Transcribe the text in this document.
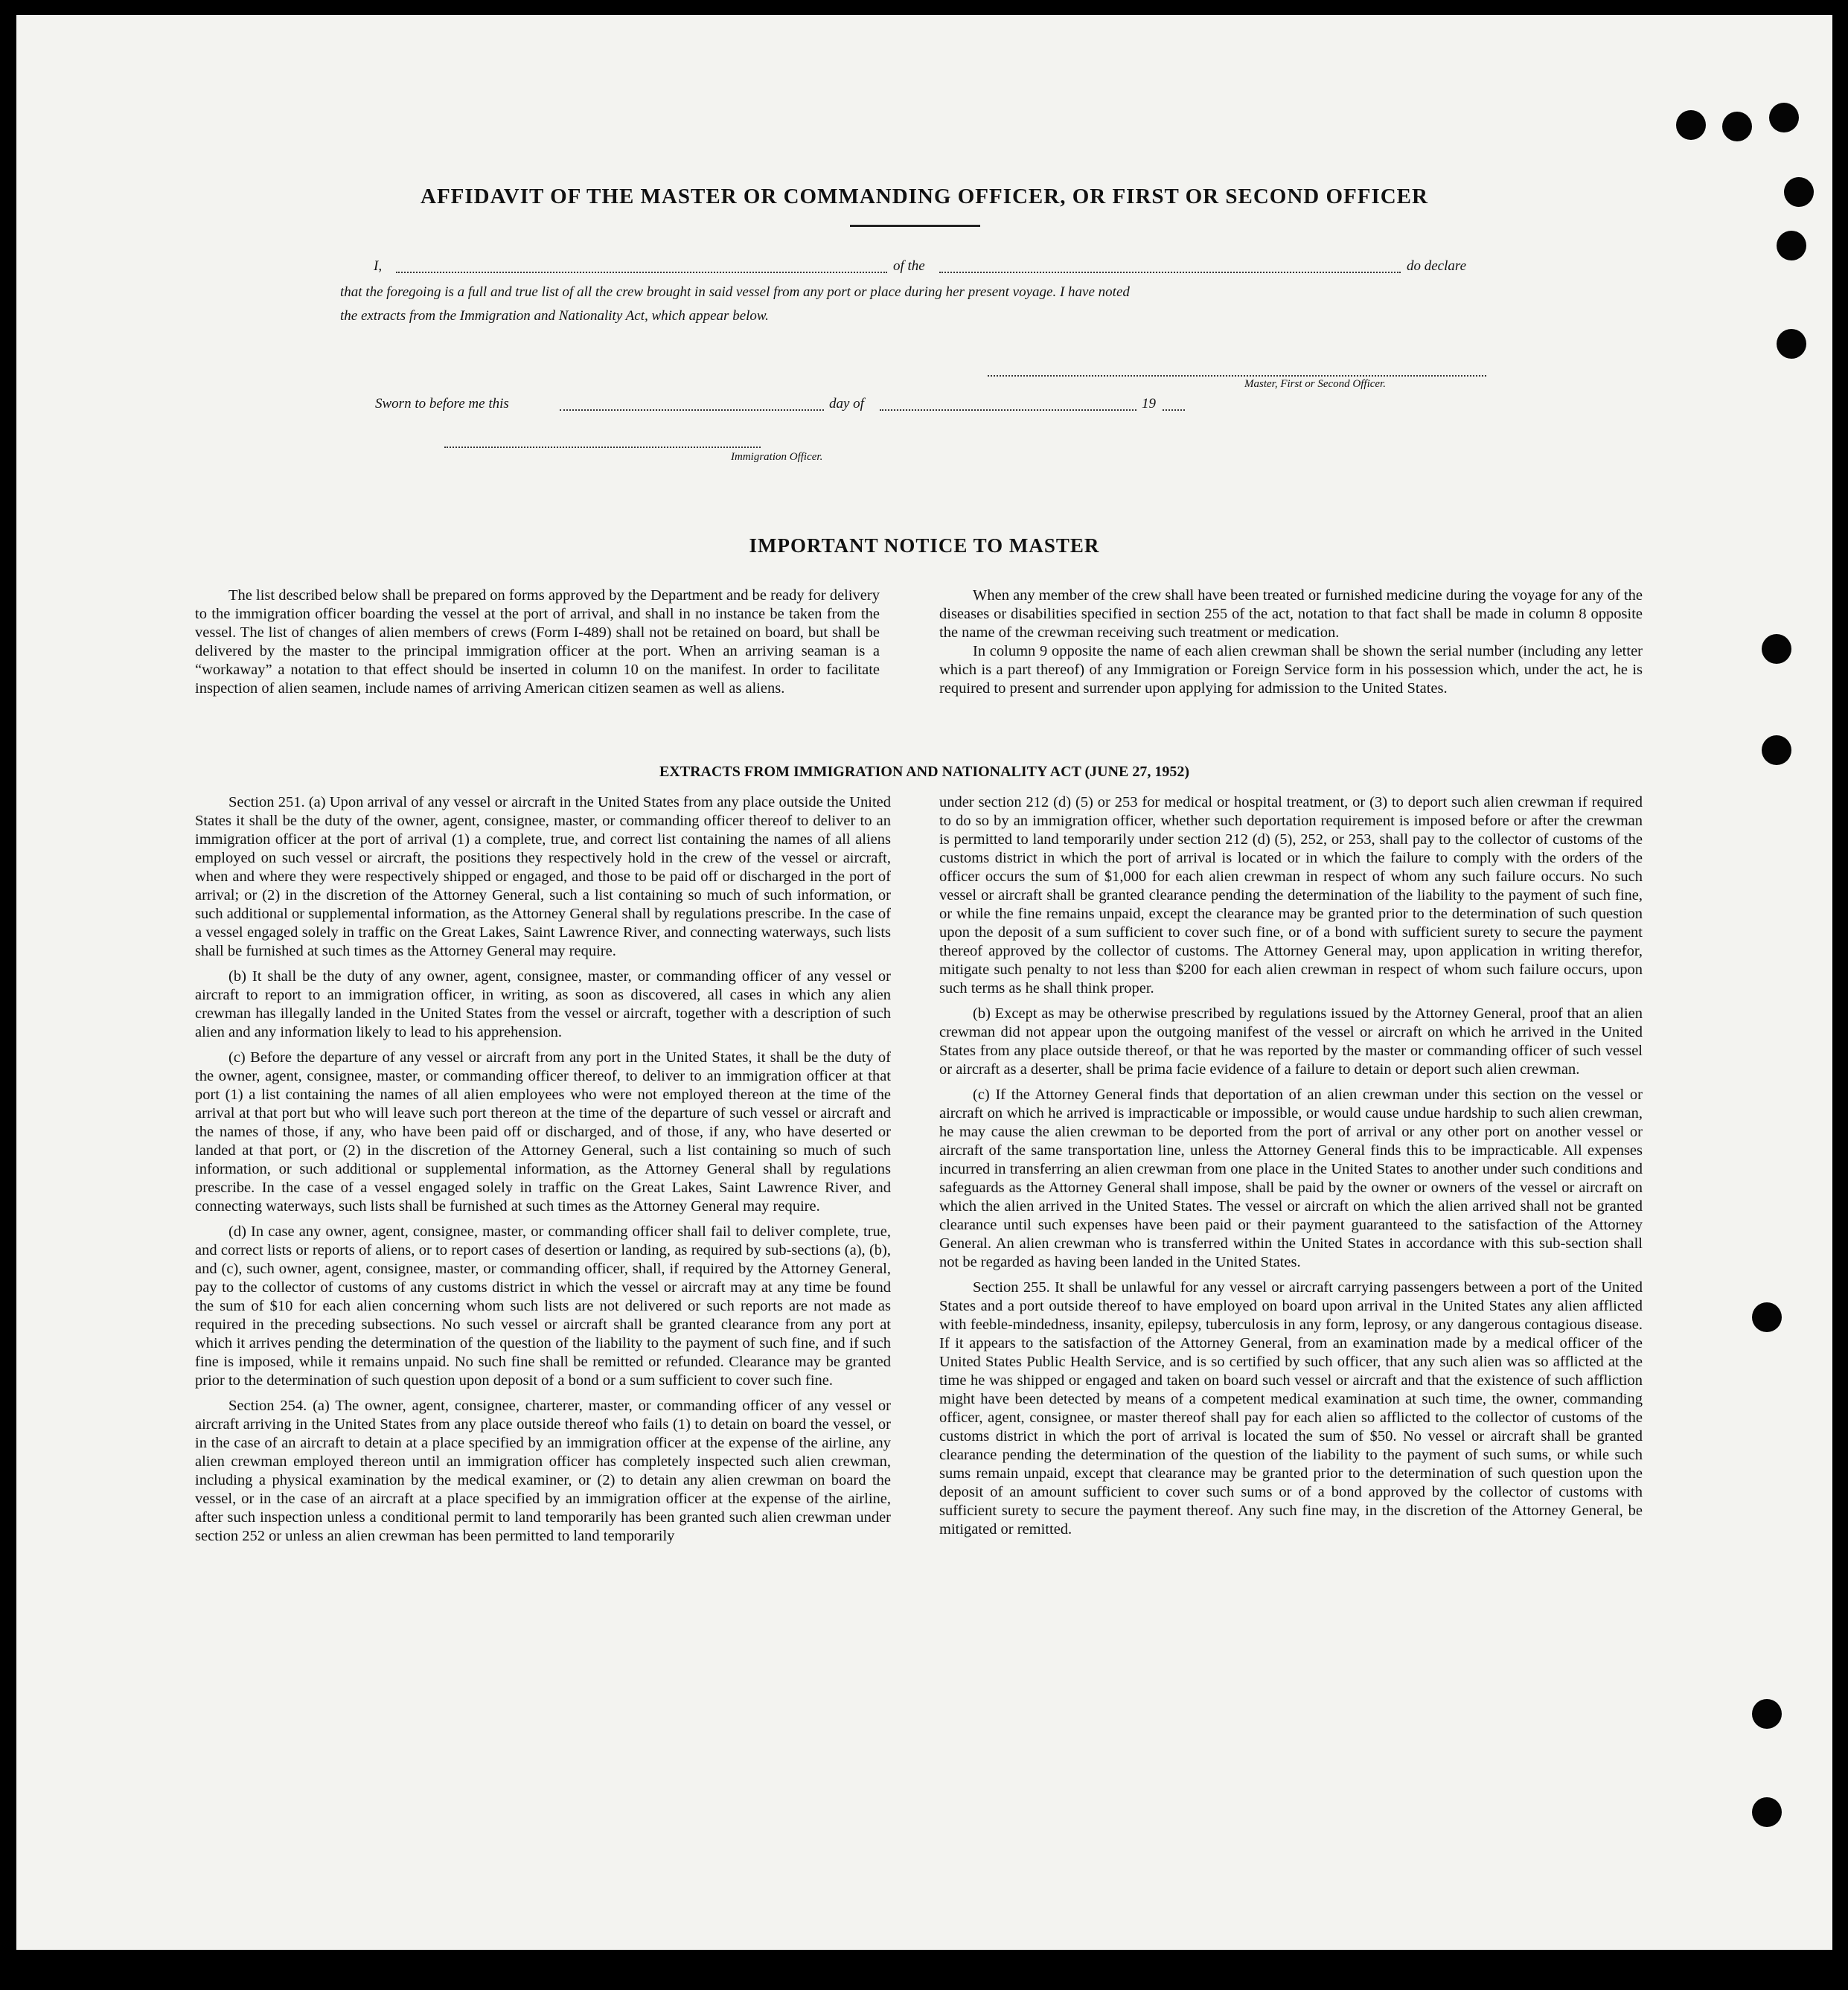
AFFIDAVIT OF THE MASTER OR COMMANDING OFFICER, OR FIRST OR SECOND OFFICER
I,	of the	do declare
that the foregoing is a full and true list of all the crew brought in said vessel from any port or place during her present voyage. I have noted
the extracts from the Immigration and Nationality Act, which appear below.
Master, First or Second Officer.
Sworn to before me this	day of	19
Immigration Officer.
IMPORTANT NOTICE TO MASTER

The list described below shall be prepared on forms approved by the Department and be ready for delivery to the immigration officer boarding the vessel at the port of arrival, and shall in no instance be taken from the vessel. The list of changes of alien members of crews (Form I-489) shall not be retained on board, but shall be delivered by the master to the principal immigration officer at the port. When an arriving seaman is a “workaway” a notation to that effect should be inserted in column 10 on the manifest. In order to facilitate inspection of alien seamen, include names of arriving American citizen seamen as well as aliens.

When any member of the crew shall have been treated or furnished medicine during the voyage for any of the diseases or disabilities specified in section 255 of the act, notation to that fact shall be made in column 8 opposite the name of the crewman receiving such treatment or medication.

In column 9 opposite the name of each alien crewman shall be shown the serial number (including any letter which is a part thereof) of any Immigration or Foreign Service form in his possession which, under the act, he is required to present and surrender upon applying for admission to the United States.

EXTRACTS FROM IMMIGRATION AND NATIONALITY ACT (JUNE 27, 1952)

Section 251. (a) Upon arrival of any vessel or aircraft in the United States from any place outside the United States it shall be the duty of the owner, agent, consignee, master, or commanding officer thereof to deliver to an immigration officer at the port of arrival (1) a complete, true, and correct list containing the names of all aliens employed on such vessel or aircraft, the positions they respectively hold in the crew of the vessel or aircraft, when and where they were respectively shipped or engaged, and those to be paid off or discharged in the port of arrival; or (2) in the discretion of the Attorney General, such a list containing so much of such information, or such additional or supplemental information, as the Attorney General shall by regulations prescribe. In the case of a vessel engaged solely in traffic on the Great Lakes, Saint Lawrence River, and connecting waterways, such lists shall be furnished at such times as the Attorney General may require.

(b) It shall be the duty of any owner, agent, consignee, master, or commanding officer of any vessel or aircraft to report to an immigration officer, in writing, as soon as discovered, all cases in which any alien crewman has illegally landed in the United States from the vessel or aircraft, together with a description of such alien and any information likely to lead to his apprehension.

(c) Before the departure of any vessel or aircraft from any port in the United States, it shall be the duty of the owner, agent, consignee, master, or commanding officer thereof, to deliver to an immigration officer at that port (1) a list containing the names of all alien employees who were not employed thereon at the time of the arrival at that port but who will leave such port thereon at the time of the departure of such vessel or aircraft and the names of those, if any, who have been paid off or discharged, and of those, if any, who have deserted or landed at that port, or (2) in the discretion of the Attorney General, such a list containing so much of such information, or such additional or supplemental information, as the Attorney General shall by regulations prescribe. In the case of a vessel engaged solely in traffic on the Great Lakes, Saint Lawrence River, and connecting waterways, such lists shall be furnished at such times as the Attorney General may require.

(d) In case any owner, agent, consignee, master, or commanding officer shall fail to deliver complete, true, and correct lists or reports of aliens, or to report cases of desertion or landing, as required by sub-sections (a), (b), and (c), such owner, agent, consignee, master, or commanding officer, shall, if required by the Attorney General, pay to the collector of customs of any customs district in which the vessel or aircraft may at any time be found the sum of $10 for each alien concerning whom such lists are not delivered or such reports are not made as required in the preceding subsections. No such vessel or aircraft shall be granted clearance from any port at which it arrives pending the determination of the question of the liability to the payment of such fine, and if such fine is imposed, while it remains unpaid. No such fine shall be remitted or refunded. Clearance may be granted prior to the determination of such question upon deposit of a bond or a sum sufficient to cover such fine.

Section 254. (a) The owner, agent, consignee, charterer, master, or commanding officer of any vessel or aircraft arriving in the United States from any place outside thereof who fails (1) to detain on board the vessel, or in the case of an aircraft to detain at a place specified by an immigration officer at the expense of the airline, any alien crewman employed thereon until an immigration officer has completely inspected such alien crewman, including a physical examination by the medical examiner, or (2) to detain any alien crewman on board the vessel, or in the case of an aircraft at a place specified by an immigration officer at the expense of the airline, after such inspection unless a conditional permit to land temporarily has been granted such alien crewman under section 252 or unless an alien crewman has been permitted to land temporarily

under section 212 (d) (5) or 253 for medical or hospital treatment, or (3) to deport such alien crewman if required to do so by an immigration officer, whether such deportation requirement is imposed before or after the crewman is permitted to land temporarily under section 212 (d) (5), 252, or 253, shall pay to the collector of customs of the customs district in which the port of arrival is located or in which the failure to comply with the orders of the officer occurs the sum of $1,000 for each alien crewman in respect of whom any such failure occurs. No such vessel or aircraft shall be granted clearance pending the determination of the liability to the payment of such fine, or while the fine remains unpaid, except the clearance may be granted prior to the determination of such question upon the deposit of a sum sufficient to cover such fine, or of a bond with sufficient surety to secure the payment thereof approved by the collector of customs. The Attorney General may, upon application in writing therefor, mitigate such penalty to not less than $200 for each alien crewman in respect of whom such failure occurs, upon such terms as he shall think proper.

(b) Except as may be otherwise prescribed by regulations issued by the Attorney General, proof that an alien crewman did not appear upon the outgoing manifest of the vessel or aircraft on which he arrived in the United States from any place outside thereof, or that he was reported by the master or commanding officer of such vessel or aircraft as a deserter, shall be prima facie evidence of a failure to detain or deport such alien crewman.

(c) If the Attorney General finds that deportation of an alien crewman under this section on the vessel or aircraft on which he arrived is impracticable or impossible, or would cause undue hardship to such alien crewman, he may cause the alien crewman to be deported from the port of arrival or any other port on another vessel or aircraft of the same transportation line, unless the Attorney General finds this to be impracticable. All expenses incurred in transferring an alien crewman from one place in the United States to another under such conditions and safeguards as the Attorney General shall impose, shall be paid by the owner or owners of the vessel or aircraft on which the alien arrived in the United States. The vessel or aircraft on which the alien arrived shall not be granted clearance until such expenses have been paid or their payment guaranteed to the satisfaction of the Attorney General. An alien crewman who is transferred within the United States in accordance with this sub-section shall not be regarded as having been landed in the United States.

Section 255. It shall be unlawful for any vessel or aircraft carrying passengers between a port of the United States and a port outside thereof to have employed on board upon arrival in the United States any alien afflicted with feeble-mindedness, insanity, epilepsy, tuberculosis in any form, leprosy, or any dangerous contagious disease. If it appears to the satisfaction of the Attorney General, from an examination made by a medical officer of the United States Public Health Service, and is so certified by such officer, that any such alien was so afflicted at the time he was shipped or engaged and taken on board such vessel or aircraft and that the existence of such affliction might have been detected by means of a competent medical examination at such time, the owner, commanding officer, agent, consignee, or master thereof shall pay for each alien so afflicted to the collector of customs of the customs district in which the port of arrival is located the sum of $50. No vessel or aircraft shall be granted clearance pending the determination of the question of the liability to the payment of such sums, or while such sums remain unpaid, except that clearance may be granted prior to the determination of such question upon the deposit of an amount sufficient to cover such sums or of a bond approved by the collector of customs with sufficient surety to secure the payment thereof. Any such fine may, in the discretion of the Attorney General, be mitigated or remitted.
